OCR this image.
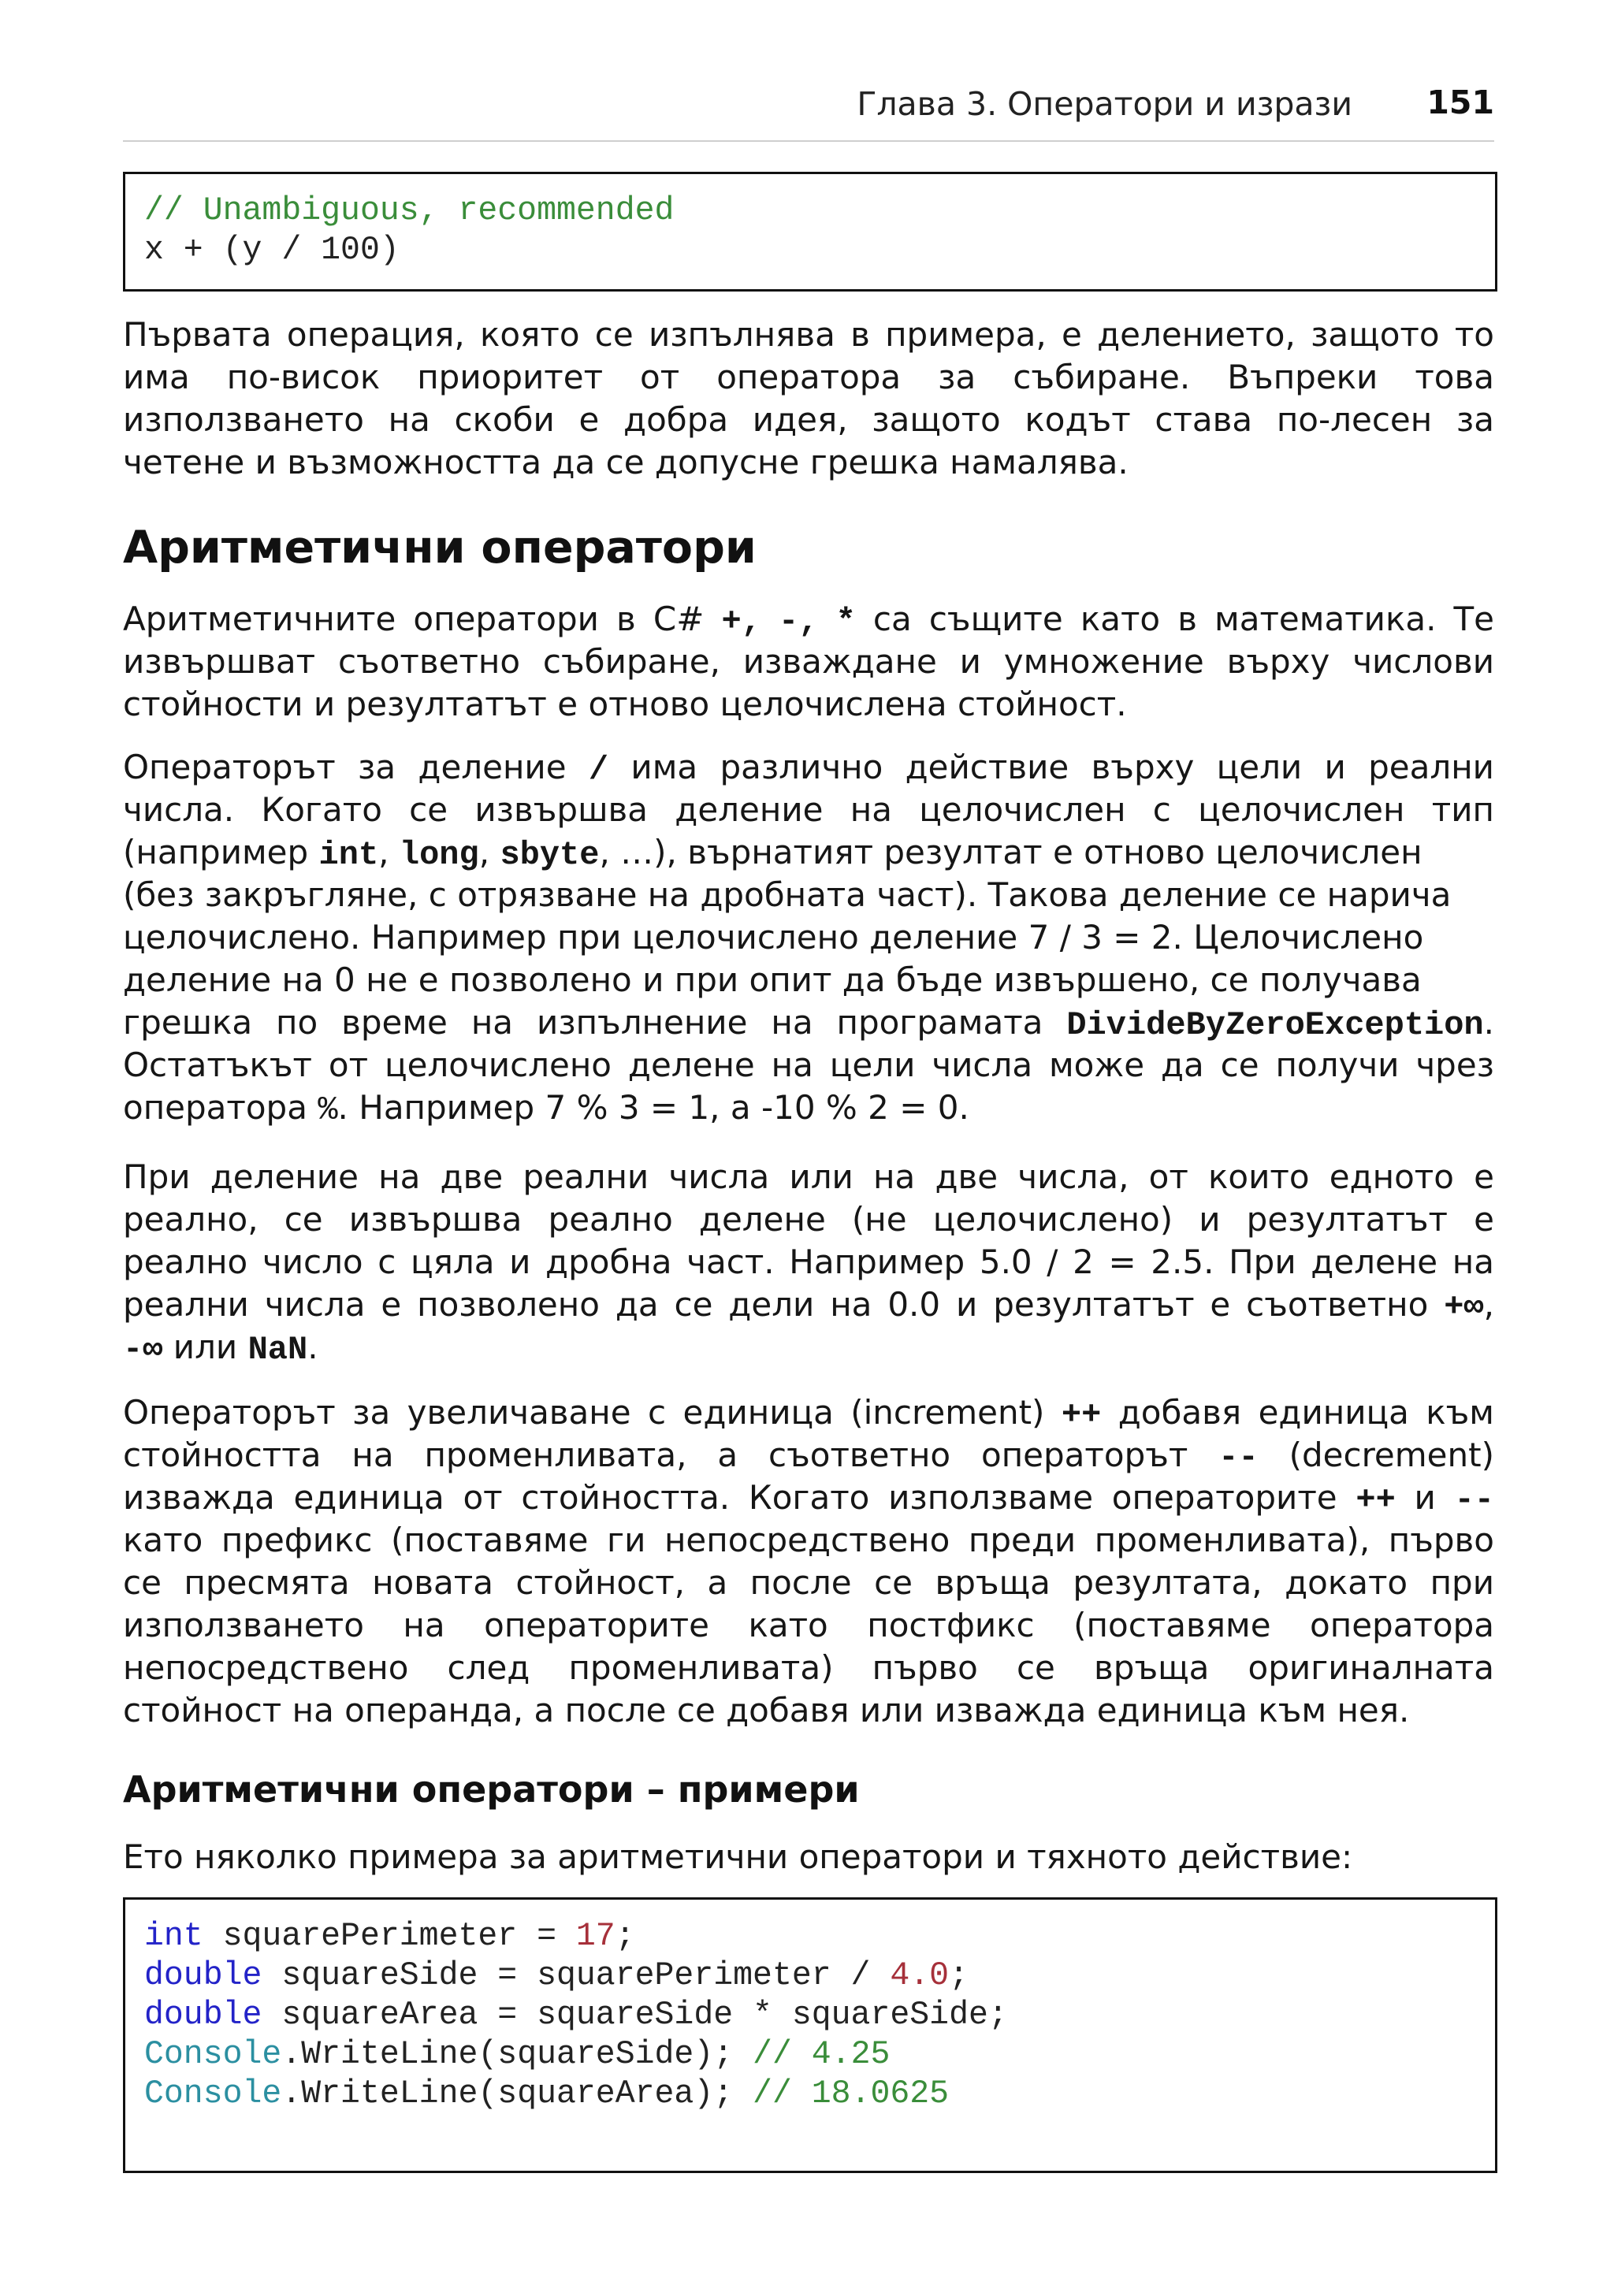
Глава 3. Оператори и изрази 151
// Unambiguous, recommended
x + (y / 100)
Първата операция, която се изпълнява в примера, е делението, защото то
има по-висок приоритет от оператора за събиране. Въпреки това
използването на скоби е добра идея, защото кодът става по-лесен за
четене и възможността да се допусне грешка намалява.
Аритметични оператори
Аритметичните оператори в C# +, -, * са същите като в математика. Те
извършват съответно събиране, изваждане и умножение върху числови
стойности и резултатът е отново целочислена стойност.
Операторът за деление / има различно действие върху цели и реални
числа. Когато се извършва деление на целочислен с целочислен тип
(например int, long, sbyte, …), върнатият резултат е отново целочислен
(без закръгляне, с отрязване на дробната част). Такова деление се нарича
целочислено. Например при целочислено деление 7 / 3 = 2. Целочислено
деление на 0 не е позволено и при опит да бъде извършено, се получава
грешка по време на изпълнение на програмата DivideByZeroException.
Остатъкът от целочислено делене на цели числа може да се получи чрез
оператора %. Например 7 % 3 = 1, а -10 % 2 = 0.
При деление на две реални числа или на две числа, от които едното е
реално, се извършва реално делене (не целочислено) и резултатът е
реално число с цяла и дробна част. Например 5.0 / 2 = 2.5. При делене на
реални числа е позволено да се дели на 0.0 и резултатът е съответно +∞,
-∞ или NaN.
Операторът за увеличаване с единица (increment) ++ добавя единица към
стойността на променливата, а съответно операторът -- (decrement)
изважда единица от стойността. Когато използваме операторите ++ и --
като префикс (поставяме ги непосредствено преди променливата), първо
се пресмята новата стойност, а после се връща резултата, докато при
използването на операторите като постфикс (поставяме оператора
непосредствено след променливата) първо се връща оригиналната
стойност на операнда, а после се добавя или изважда единица към нея.
Аритметични оператори – примери
Ето няколко примера за аритметични оператори и тяхното действие:
int squarePerimeter = 17;
double squareSide = squarePerimeter / 4.0;
double squareArea = squareSide * squareSide;
Console.WriteLine(squareSide); // 4.25
Console.WriteLine(squareArea); // 18.0625
